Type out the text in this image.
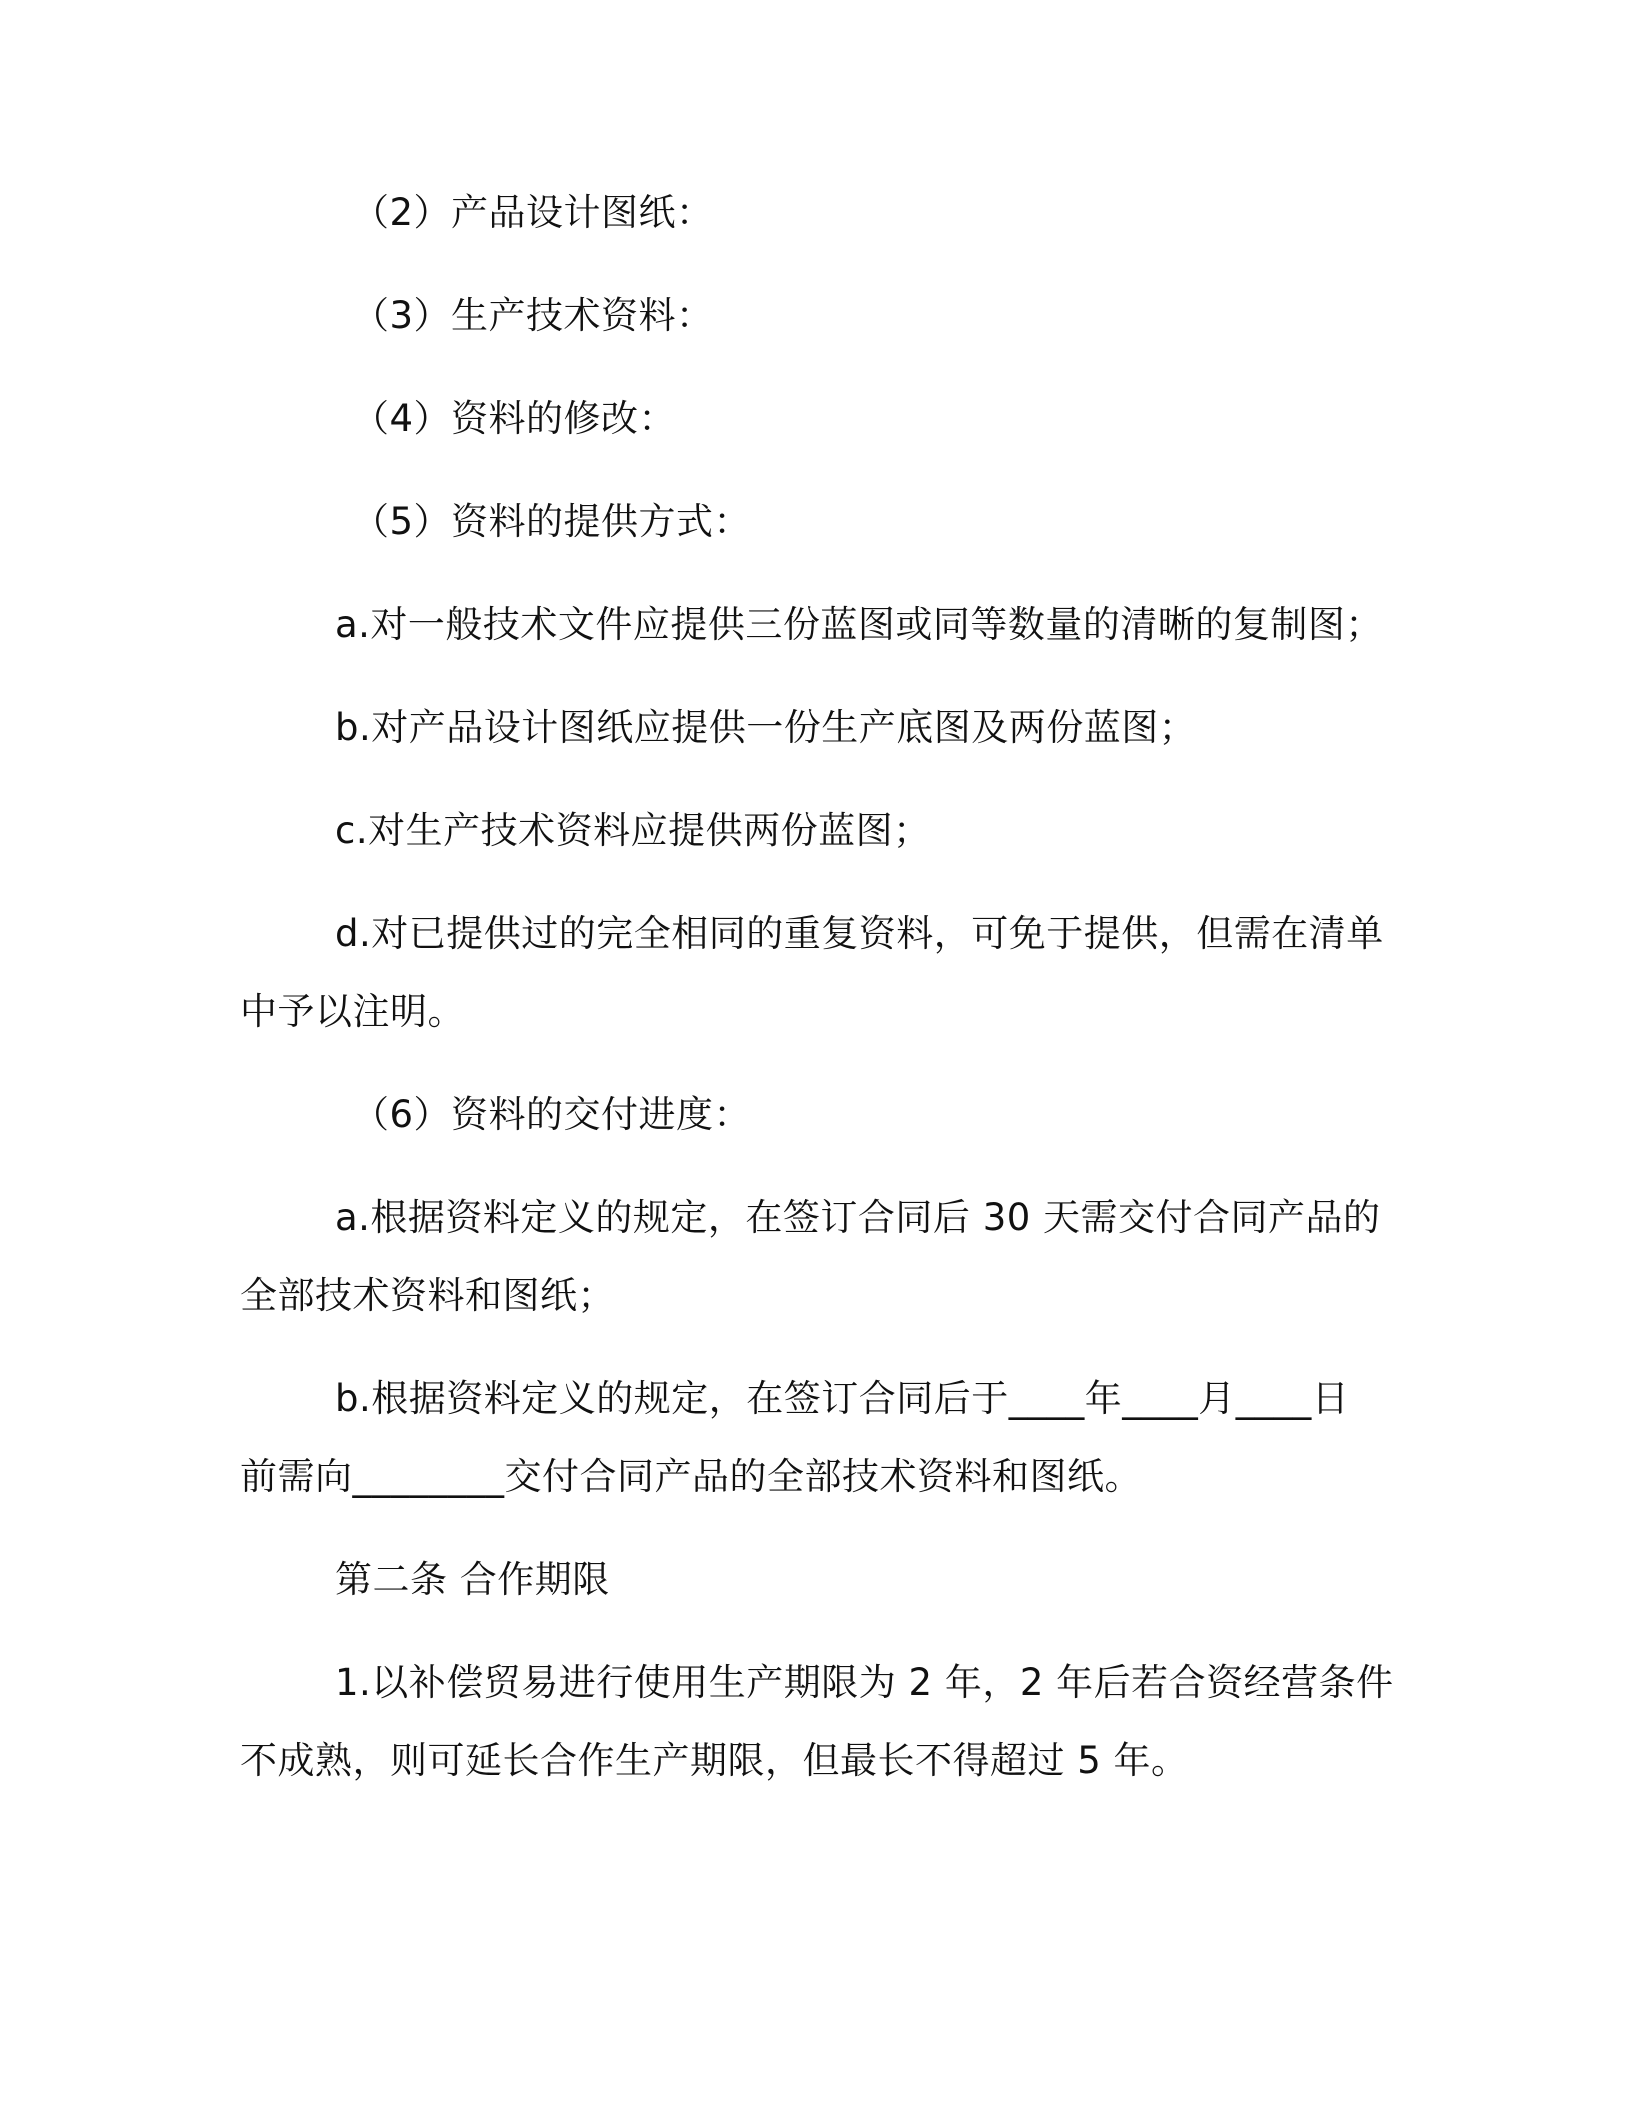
（2）产品设计图纸：
（3）生产技术资料：
（4）资料的修改：
（5）资料的提供方式：
a.对一般技术文件应提供三份蓝图或同等数量的清晰的复制图；
b.对产品设计图纸应提供一份生产底图及两份蓝图；
c.对生产技术资料应提供两份蓝图；
d.对已提供过的完全相同的重复资料，可免于提供，但需在清单
中予以注明。
（6）资料的交付进度：
a.根据资料定义的规定，在签订合同后 30 天需交付合同产品的
全部技术资料和图纸；
b.根据资料定义的规定，在签订合同后于____年____月____日
前需向________交付合同产品的全部技术资料和图纸。
第二条 合作期限
1.以补偿贸易进行使用生产期限为 2 年，2 年后若合资经营条件
不成熟，则可延长合作生产期限，但最长不得超过 5 年。
